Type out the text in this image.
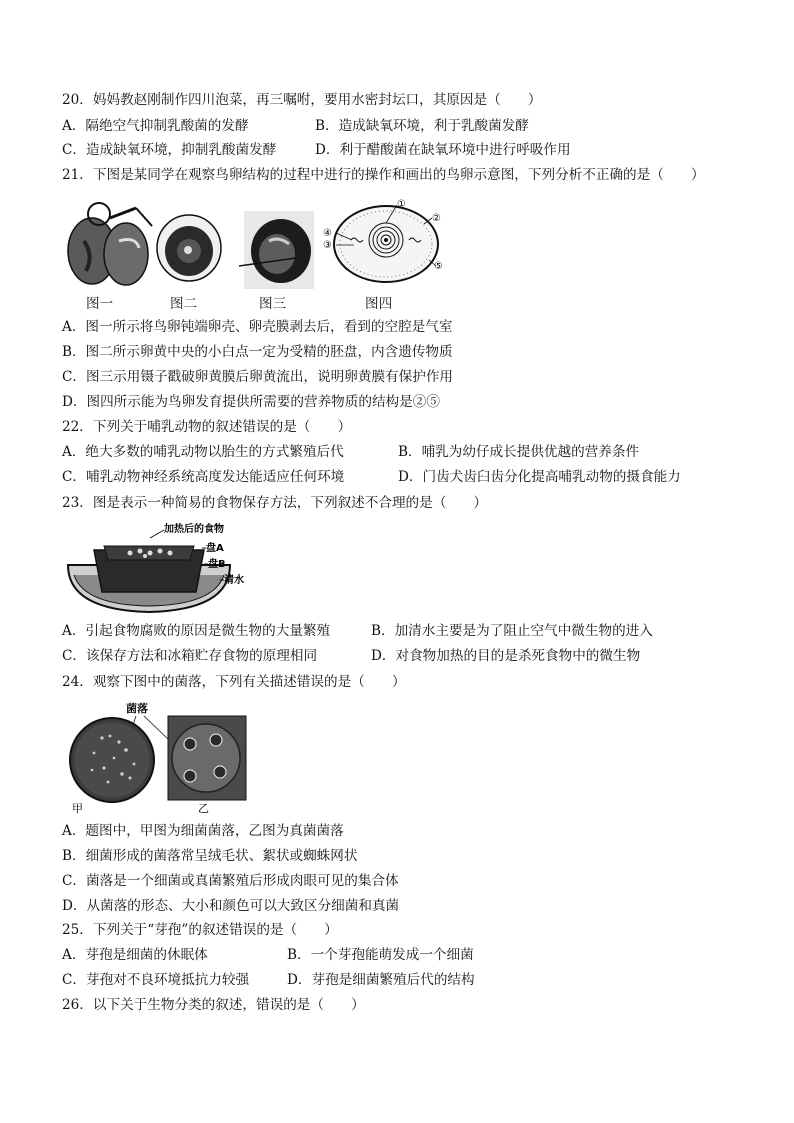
20．妈妈教赵刚制作四川泡菜，再三嘱咐，要用水密封坛口，其原因是（　　）
A．隔绝空气抑制乳酸菌的发酵	B．造成缺氧环境，利于乳酸菌发酵
C．造成缺氧环境，抑制乳酸菌发酵	D．利于醋酸菌在缺氧环境中进行呼吸作用
21．下图是某同学在观察鸟卵结构的过程中进行的操作和画出的鸟卵示意图，下列分析不正确的是（　　）
①
②
③
④
⑤
图一	图二	图三	图四
A．图一所示将鸟卵钝端卵壳、卵壳膜剥去后，看到的空腔是气室
B．图二所示卵黄中央的小白点一定为受精的胚盘，内含遗传物质
C．图三示用镊子戳破卵黄膜后卵黄流出，说明卵黄膜有保护作用
D．图四所示能为鸟卵发育提供所需要的营养物质的结构是②⑤
22．下列关于哺乳动物的叙述错误的是（　　）
A．绝大多数的哺乳动物以胎生的方式繁殖后代	B．哺乳为幼仔成长提供优越的营养条件
C．哺乳动物神经系统高度发达能适应任何环境	D．门齿犬齿臼齿分化提高哺乳动物的摄食能力
23．图是表示一种简易的食物保存方法，下列叙述不合理的是（　　）
加热后的食物
盘A
盘B
清水
A．引起食物腐败的原因是微生物的大量繁殖	B．加清水主要是为了阻止空气中微生物的进入
C．该保存方法和冰箱贮存食物的原理相同	D．对食物加热的目的是杀死食物中的微生物
24．观察下图中的菌落，下列有关描述错误的是（　　）
菌落
甲	乙
A．题图中，甲图为细菌菌落，乙图为真菌菌落
B．细菌形成的菌落常呈绒毛状、絮状或蜘蛛网状
C．菌落是一个细菌或真菌繁殖后形成肉眼可见的集合体
D．从菌落的形态、大小和颜色可以大致区分细菌和真菌
25．下列关于“芽孢”的叙述错误的是（　　）
A．芽孢是细菌的休眠体	B．一个芽孢能萌发成一个细菌
C．芽孢对不良环境抵抗力较强	D．芽孢是细菌繁殖后代的结构
26．以下关于生物分类的叙述，错误的是（　　）
